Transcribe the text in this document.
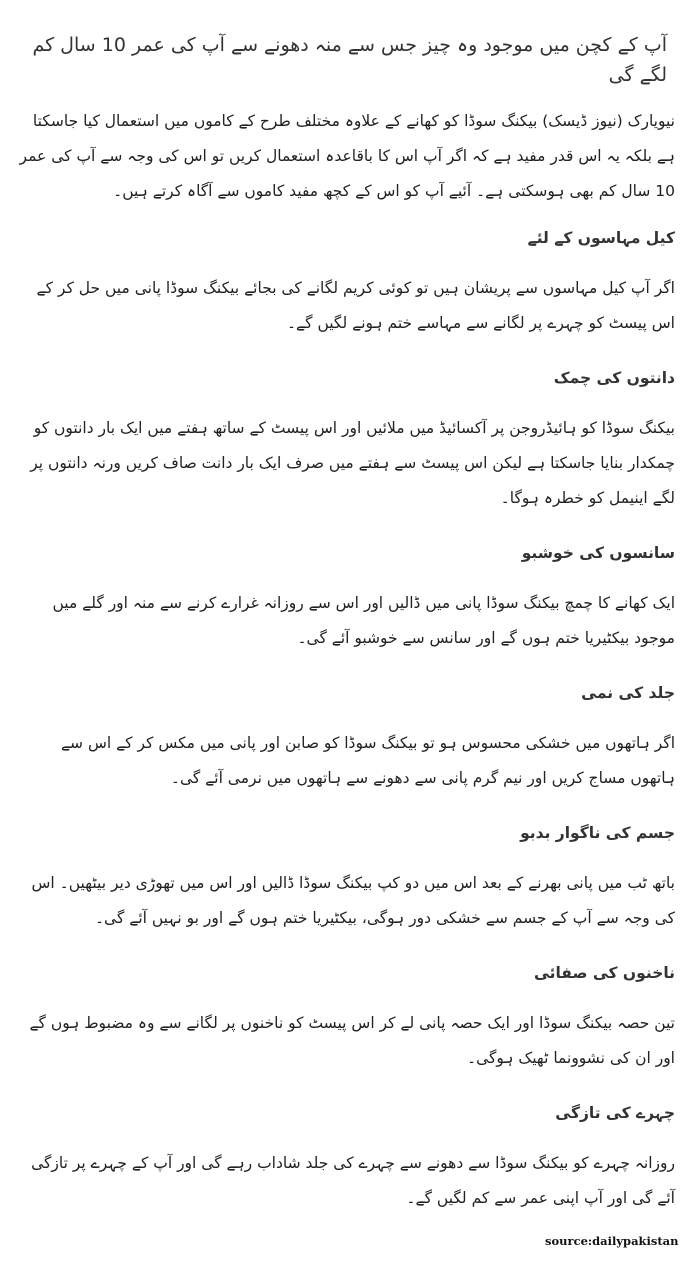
آپ کے کچن میں موجود وہ چیز جس سے منہ دھونے سے آپ کی عمر 10 سال کم لگے گی

نیویارک (نیوز ڈیسک) بیکنگ سوڈا کو کھانے کے علاوہ مختلف طرح کے کاموں میں استعمال کیا جاسکتا ہے بلکہ یہ اس قدر مفید ہے کہ اگر آپ اس کا باقاعدہ استعمال کریں تو اس کی وجہ سے آپ کی عمر 10 سال کم بھی ہوسکتی ہے۔ آئیے آپ کو اس کے کچھ مفید کاموں سے آگاہ کرتے ہیں۔

کیل مہاسوں کے لئے

اگر آپ کیل مہاسوں سے پریشان ہیں تو کوئی کریم لگانے کی بجائے بیکنگ سوڈا پانی میں حل کر کے اس پیسٹ کو چہرے پر لگانے سے مہاسے ختم ہونے لگیں گے۔

دانتوں کی چمک

بیکنگ سوڈا کو ہائیڈروجن پر آکسائیڈ میں ملائیں اور اس پیسٹ کے ساتھ ہفتے میں ایک بار دانتوں کو چمکدار بنایا جاسکتا ہے لیکن اس پیسٹ سے ہفتے میں صرف ایک بار دانت صاف کریں ورنہ دانتوں پر لگے اینیمل کو خطرہ ہوگا۔

سانسوں کی خوشبو

ایک کھانے کا چمچ بیکنگ سوڈا پانی میں ڈالیں اور اس سے روزانہ غرارے کرنے سے منہ اور گلے میں موجود بیکٹیریا ختم ہوں گے اور سانس سے خوشبو آئے گی۔

جلد کی نمی

اگر ہاتھوں میں خشکی محسوس ہو تو بیکنگ سوڈا کو صابن اور پانی میں مکس کر کے اس سے ہاتھوں مساج کریں اور نیم گرم پانی سے دھونے سے ہاتھوں میں نرمی آئے گی۔

جسم کی ناگوار بدبو

باتھ ٹب میں پانی بھرنے کے بعد اس میں دو کپ بیکنگ سوڈا ڈالیں اور اس میں تھوڑی دیر بیٹھیں۔ اس کی وجہ سے آپ کے جسم سے خشکی دور ہوگی، بیکٹیریا ختم ہوں گے اور بو نہیں آئے گی۔

ناخنوں کی صفائی

تین حصہ بیکنگ سوڈا اور ایک حصہ پانی لے کر اس پیسٹ کو ناخنوں پر لگانے سے وہ مضبوط ہوں گے اور ان کی نشوونما ٹھیک ہوگی۔

چہرے کی تازگی

روزانہ چہرے کو بیکنگ سوڈا سے دھونے سے چہرے کی جلد شاداب رہے گی اور آپ کے چہرے پر تازگی آئے گی اور آپ اپنی عمر سے کم لگیں گے۔

source:dailypakistan
